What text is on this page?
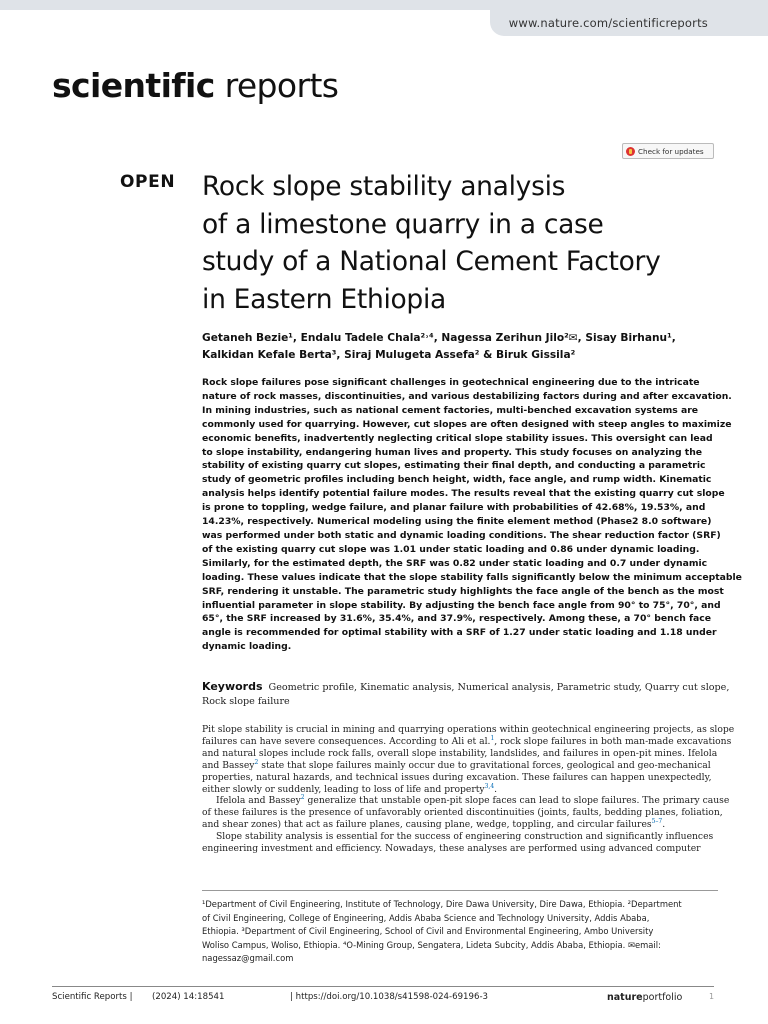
www.nature.com/scientificreports
scientific reports
Check for updates
OPEN Rock slope stability analysis
of a limestone quarry in a case
study of a National Cement Factory
in Eastern Ethiopia
Getaneh Bezie¹, Endalu Tadele Chala²˒⁴, Nagessa Zerihun Jilo²✉, Sisay Birhanu¹,
Kalkidan Kefale Berta³, Siraj Mulugeta Assefa² & Biruk Gissila²
Rock slope failures pose significant challenges in geotechnical engineering due to the intricate
nature of rock masses, discontinuities, and various destabilizing factors during and after excavation.
In mining industries, such as national cement factories, multi-benched excavation systems are
commonly used for quarrying. However, cut slopes are often designed with steep angles to maximize
economic benefits, inadvertently neglecting critical slope stability issues. This oversight can lead
to slope instability, endangering human lives and property. This study focuses on analyzing the
stability of existing quarry cut slopes, estimating their final depth, and conducting a parametric
study of geometric profiles including bench height, width, face angle, and rump width. Kinematic
analysis helps identify potential failure modes. The results reveal that the existing quarry cut slope
is prone to toppling, wedge failure, and planar failure with probabilities of 42.68%, 19.53%, and
14.23%, respectively. Numerical modeling using the finite element method (Phase2 8.0 software)
was performed under both static and dynamic loading conditions. The shear reduction factor (SRF)
of the existing quarry cut slope was 1.01 under static loading and 0.86 under dynamic loading.
Similarly, for the estimated depth, the SRF was 0.82 under static loading and 0.7 under dynamic
loading. These values indicate that the slope stability falls significantly below the minimum acceptable
SRF, rendering it unstable. The parametric study highlights the face angle of the bench as the most
influential parameter in slope stability. By adjusting the bench face angle from 90° to 75°, 70°, and
65°, the SRF increased by 31.6%, 35.4%, and 37.9%, respectively. Among these, a 70° bench face
angle is recommended for optimal stability with a SRF of 1.27 under static loading and 1.18 under
dynamic loading.
Keywords Geometric profile, Kinematic analysis, Numerical analysis, Parametric study, Quarry cut slope,
Rock slope failure
Pit slope stability is crucial in mining and quarrying operations within geotechnical engineering projects, as slope
failures can have severe consequences. According to Ali et al.$^1$, rock slope failures in both man-made excavations
and natural slopes include rock falls, overall slope instability, landslides, and failures in open-pit mines. Ifelola
and Bassey$^2$ state that slope failures mainly occur due to gravitational forces, geological and geo-mechanical
properties, natural hazards, and technical issues during excavation. These failures can happen unexpectedly,
either slowly or suddenly, leading to loss of life and property$^{3,4}$.
Ifelola and Bassey$^2$ generalize that unstable open-pit slope faces can lead to slope failures. The primary cause
of these failures is the presence of unfavorably oriented discontinuities (joints, faults, bedding planes, foliation,
and shear zones) that act as failure planes, causing plane, wedge, toppling, and circular failures$^{5-7}$.
Slope stability analysis is essential for the success of engineering construction and significantly influences
engineering investment and efficiency. Nowadays, these analyses are performed using advanced computer
¹Department of Civil Engineering, Institute of Technology, Dire Dawa University, Dire Dawa, Ethiopia. ²Department
of Civil Engineering, College of Engineering, Addis Ababa Science and Technology University, Addis Ababa,
Ethiopia. ³Department of Civil Engineering, School of Civil and Environmental Engineering, Ambo University
Woliso Campus, Woliso, Ethiopia. ⁴O-Mining Group, Sengatera, Lideta Subcity, Addis Ababa, Ethiopia. ✉email:
nagessaz@gmail.com
Scientific Reports | (2024) 14:18541	| https://doi.org/10.1038/s41598-024-69196-3	natureportfolio	1
